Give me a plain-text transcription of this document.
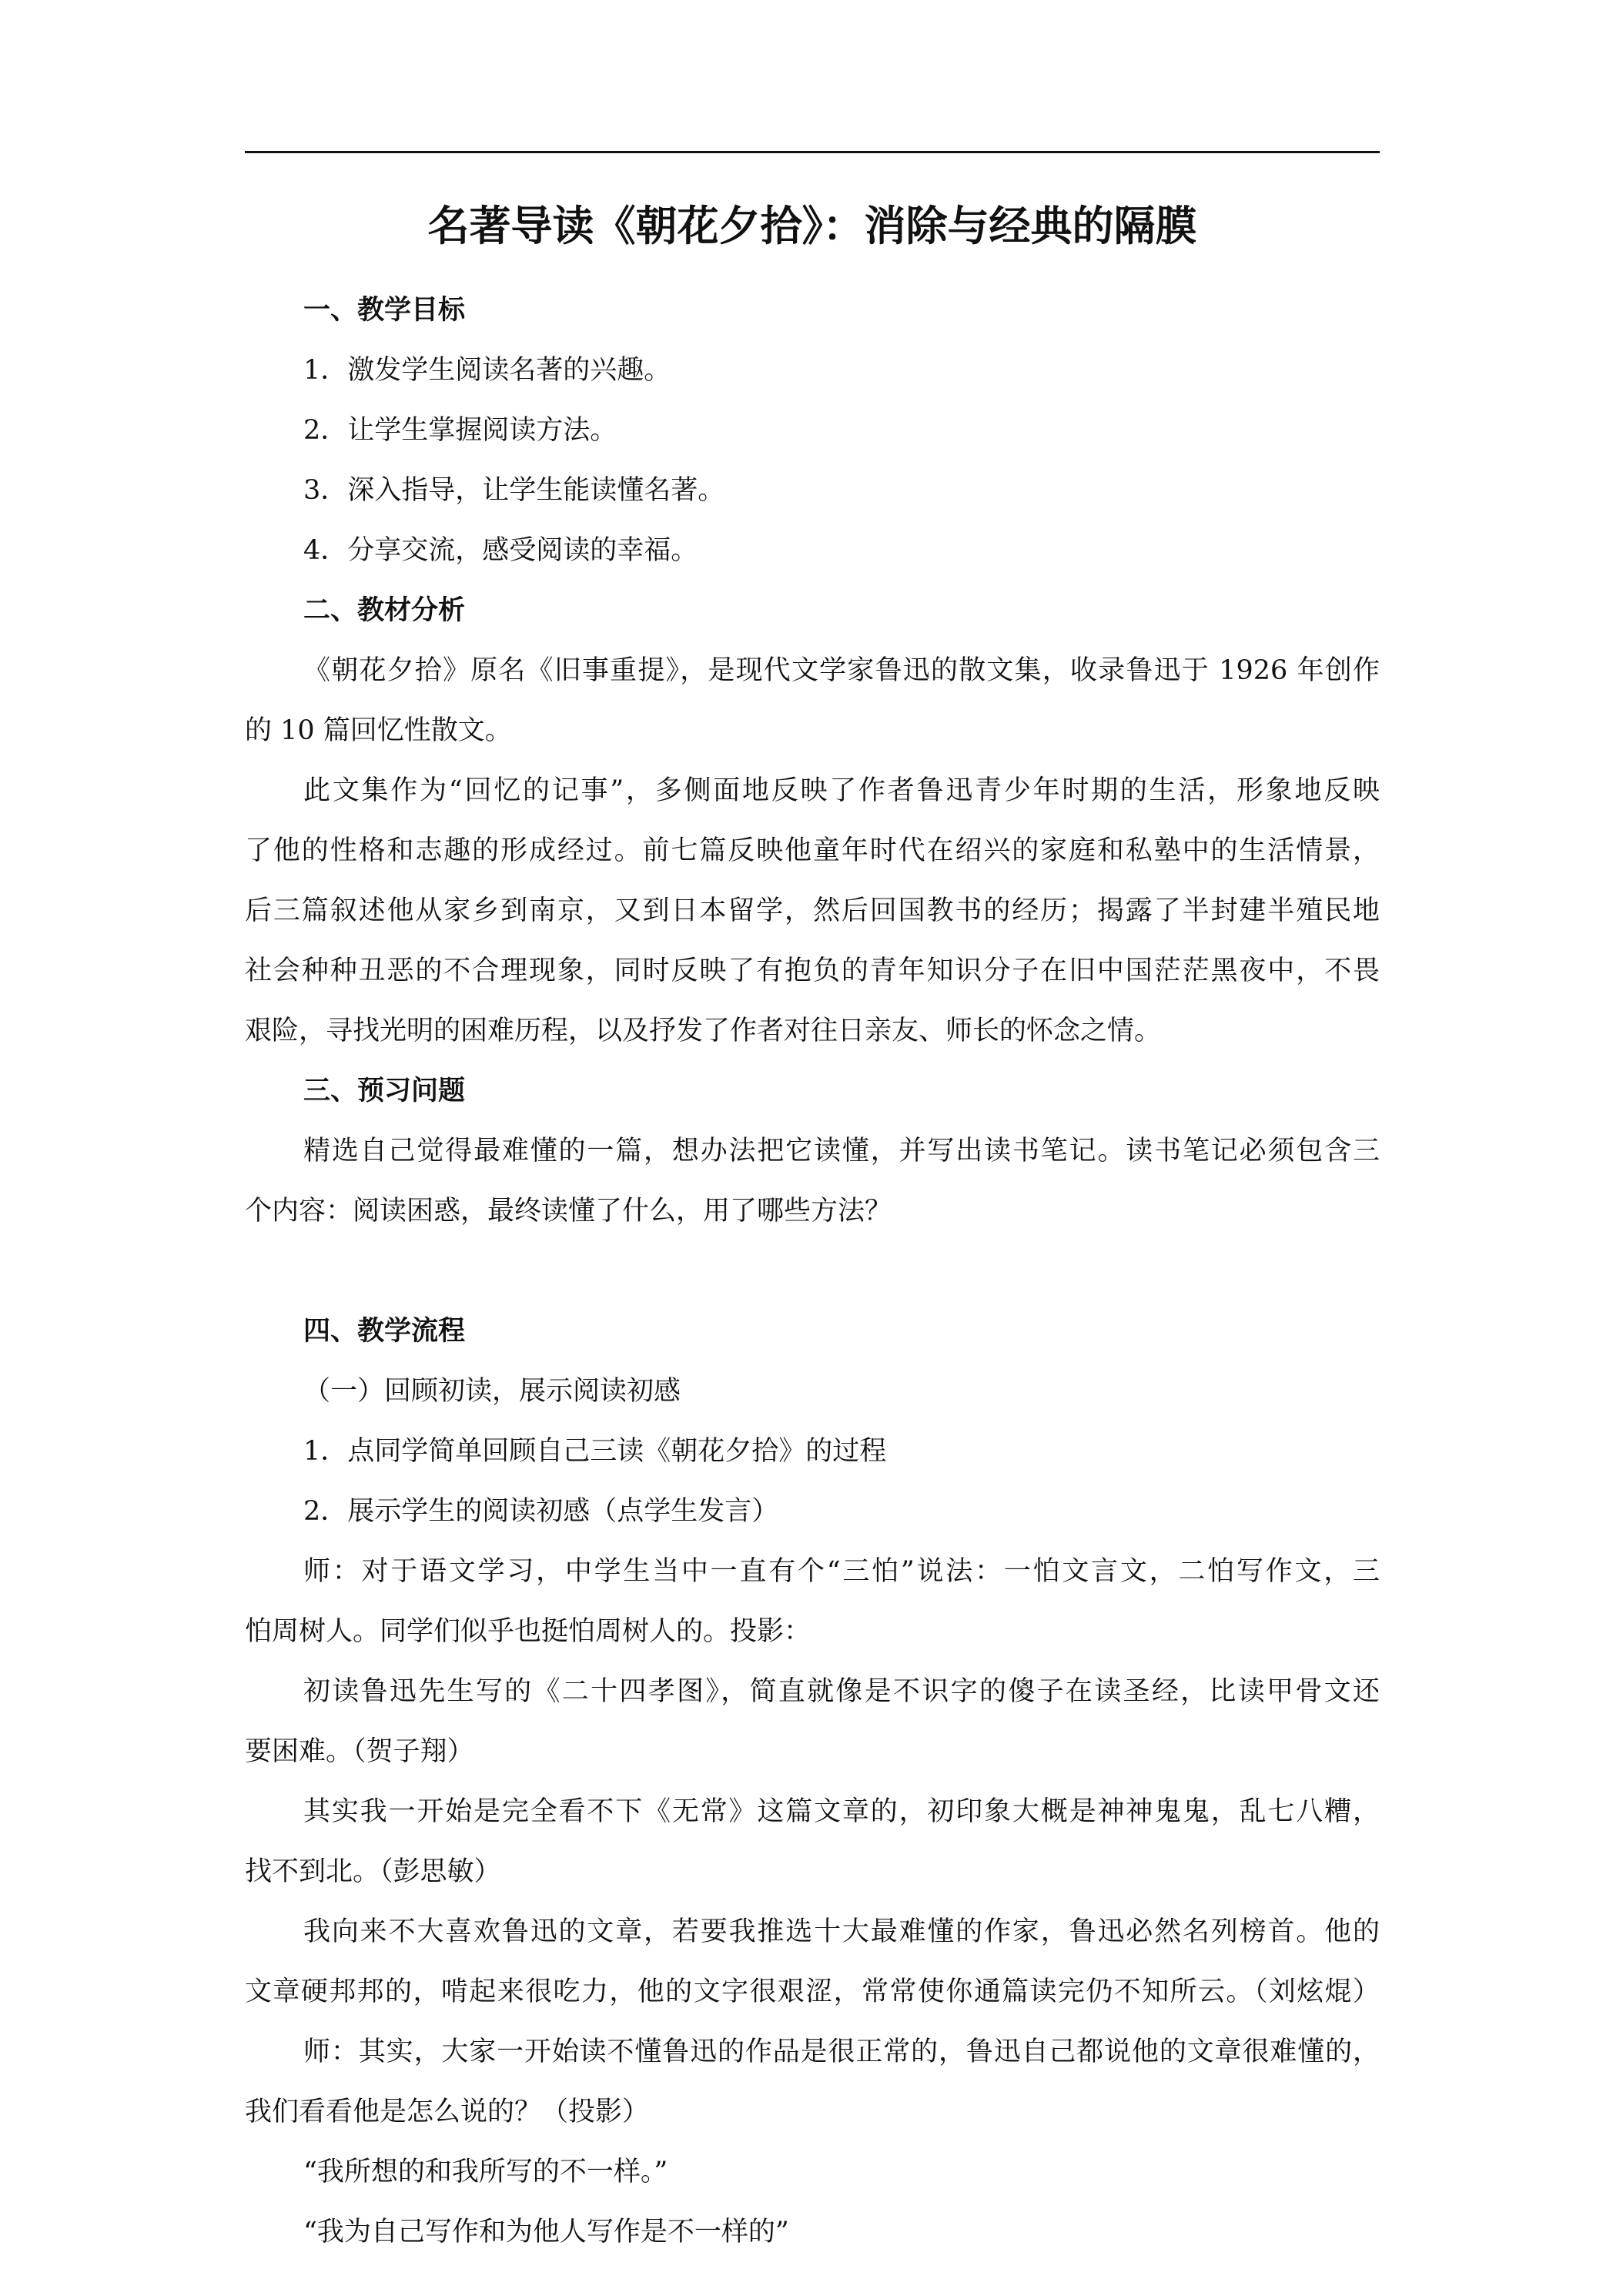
名著导读《朝花夕拾》：消除与经典的隔膜
一、教学目标
1．激发学生阅读名著的兴趣。
2．让学生掌握阅读方法。
3．深入指导，让学生能读懂名著。
4．分享交流，感受阅读的幸福。
二、教材分析
《朝花夕拾》原名《旧事重提》，是现代文学家鲁迅的散文集，收录鲁迅于 1926 年创作
的 10 篇回忆性散文。
此文集作为“回忆的记事”，多侧面地反映了作者鲁迅青少年时期的生活，形象地反映
了他的性格和志趣的形成经过。前七篇反映他童年时代在绍兴的家庭和私塾中的生活情景，
后三篇叙述他从家乡到南京，又到日本留学，然后回国教书的经历；揭露了半封建半殖民地
社会种种丑恶的不合理现象，同时反映了有抱负的青年知识分子在旧中国茫茫黑夜中，不畏
艰险，寻找光明的困难历程，以及抒发了作者对往日亲友、师长的怀念之情。
三、预习问题
精选自己觉得最难懂的一篇，想办法把它读懂，并写出读书笔记。读书笔记必须包含三
个内容：阅读困惑，最终读懂了什么，用了哪些方法？
四、教学流程
（一）回顾初读，展示阅读初感
1．点同学简单回顾自己三读《朝花夕拾》的过程
2．展示学生的阅读初感（点学生发言）
师：对于语文学习，中学生当中一直有个“三怕”说法：一怕文言文，二怕写作文，三
怕周树人。同学们似乎也挺怕周树人的。投影：
初读鲁迅先生写的《二十四孝图》，简直就像是不识字的傻子在读圣经，比读甲骨文还
要困难。（贺子翔）
其实我一开始是完全看不下《无常》这篇文章的，初印象大概是神神鬼鬼，乱七八糟，
找不到北。（彭思敏）
我向来不大喜欢鲁迅的文章，若要我推选十大最难懂的作家，鲁迅必然名列榜首。他的
文章硬邦邦的，啃起来很吃力，他的文字很艰涩，常常使你通篇读完仍不知所云。（刘炫焜）
师：其实，大家一开始读不懂鲁迅的作品是很正常的，鲁迅自己都说他的文章很难懂的，
我们看看他是怎么说的？（投影）
“我所想的和我所写的不一样。”
“我为自己写作和为他人写作是不一样的”
